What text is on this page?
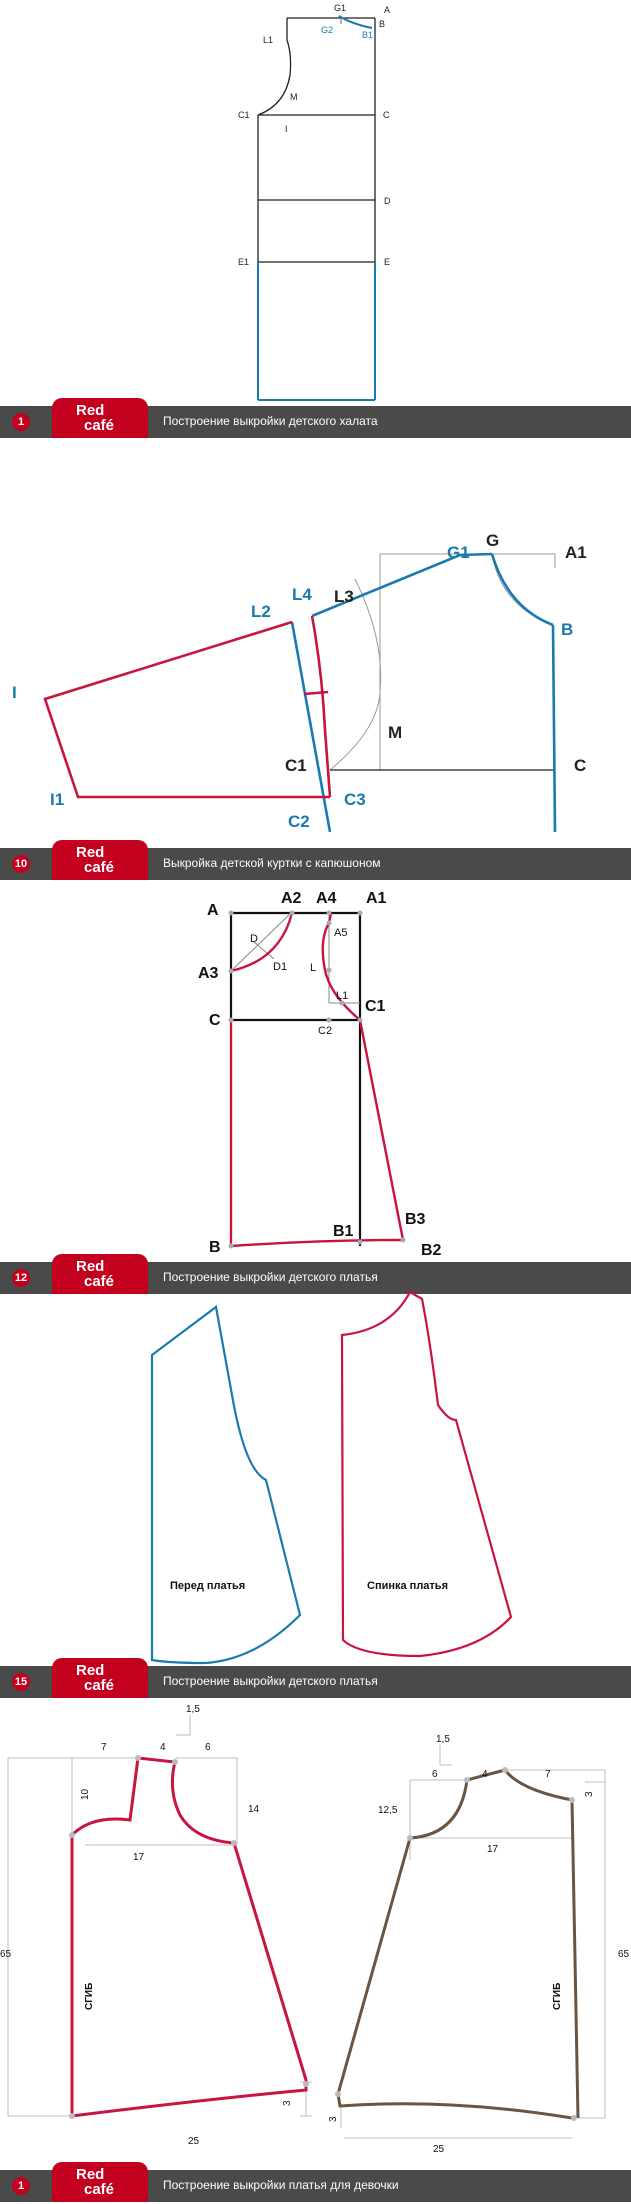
G1	A
B
L1
M
C1	C
I
D
E1	E
G2	B1
1
Red
café	Построение выкройки детского халата
G
A1
L3
M
C1	C
G1
L4
L2
B
I
I1	C3
C2
10
Red
café	Выкройка детской куртки с капюшоном
A
A2 A4 A1
A3
C
C1
B3
B
B1
B2
D	A5
D1 L
L1
C2
12
Red
café	Построение выкройки детского платья
Перед платья	Спинка платья
15
Red
café	Построение выкройки детского платья
1,5
7	4	6
10
14
17
65
СГИБ
3
25
1,5
6	4	7
3
12,5
17
65
СГИБ
3
25
1
Red
café	Построение выкройки платья для девочки
